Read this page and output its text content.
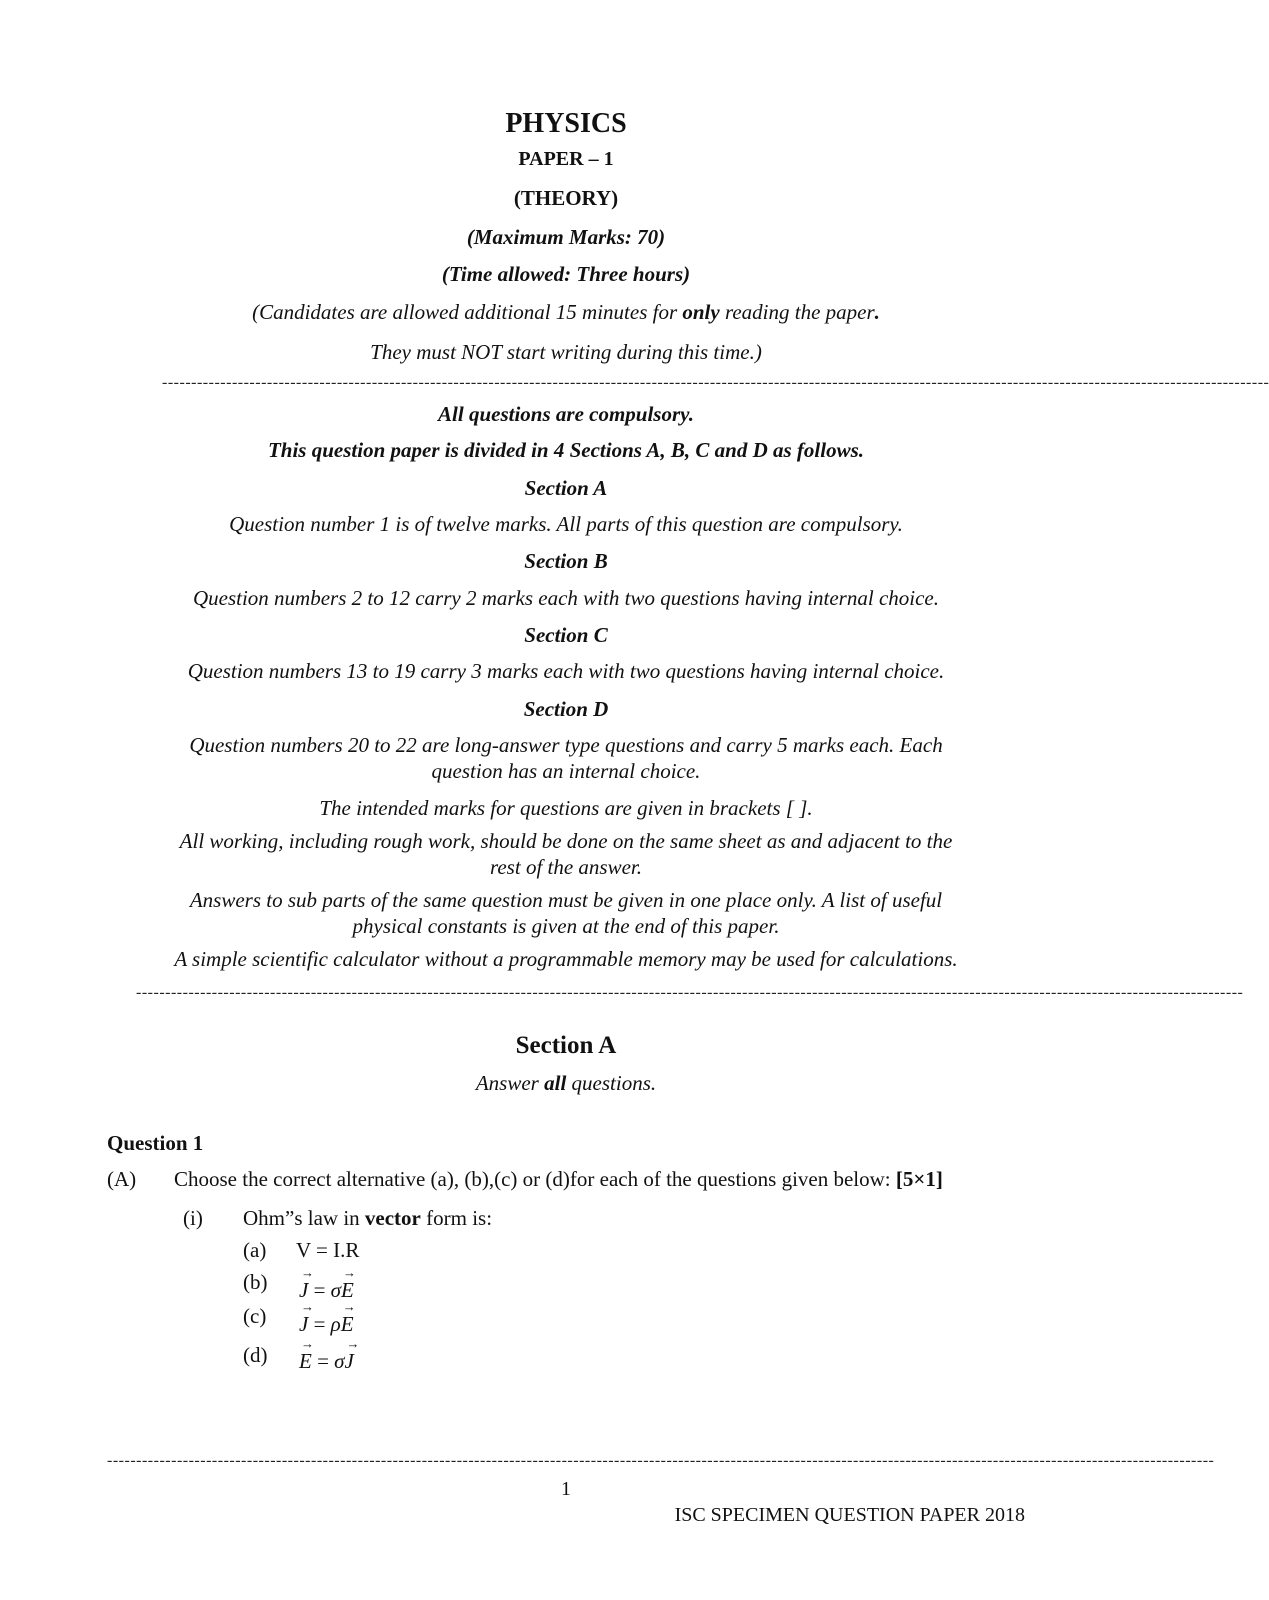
PHYSICS
PAPER – 1
(THEORY)
(Maximum Marks: 70)
(Time allowed: Three hours)
(Candidates are allowed additional 15 minutes for only reading the paper.
They must NOT start writing during this time.)
----------------------------------------------------------------------------------------------------------------------------------------------------------------------------------------------
All questions are compulsory.
This question paper is divided in 4 Sections A, B, C and D as follows.
Section A
Question number 1 is of twelve marks. All parts of this question are compulsory.
Section B
Question numbers 2 to 12 carry 2 marks each with two questions having internal choice.
Section C
Question numbers 13 to 19 carry 3 marks each with two questions having internal choice.
Section D
Question numbers 20 to 22 are long-answer type questions and carry 5 marks each. Each
question has an internal choice.
The intended marks for questions are given in brackets [ ].
All working, including rough work, should be done on the same sheet as and adjacent to the
rest of the answer.
Answers to sub parts of the same question must be given in one place only. A list of useful
physical constants is given at the end of this paper.
A simple scientific calculator without a programmable memory may be used for calculations.
----------------------------------------------------------------------------------------------------------------------------------------------------------------------------------------------
Section A
Answer all questions.
Question 1
(A) Choose the correct alternative (a), (b),(c) or (d)for each of the questions given below: [5×1]
(i) Ohm”s law in vector form is:
(a) V = I.R
(b) → J = σ→ E
(c) → J = ρ→ E
(d) → E = σ→ J
----------------------------------------------------------------------------------------------------------------------------------------------------------------------------------------------
1
ISC SPECIMEN QUESTION PAPER 2018
